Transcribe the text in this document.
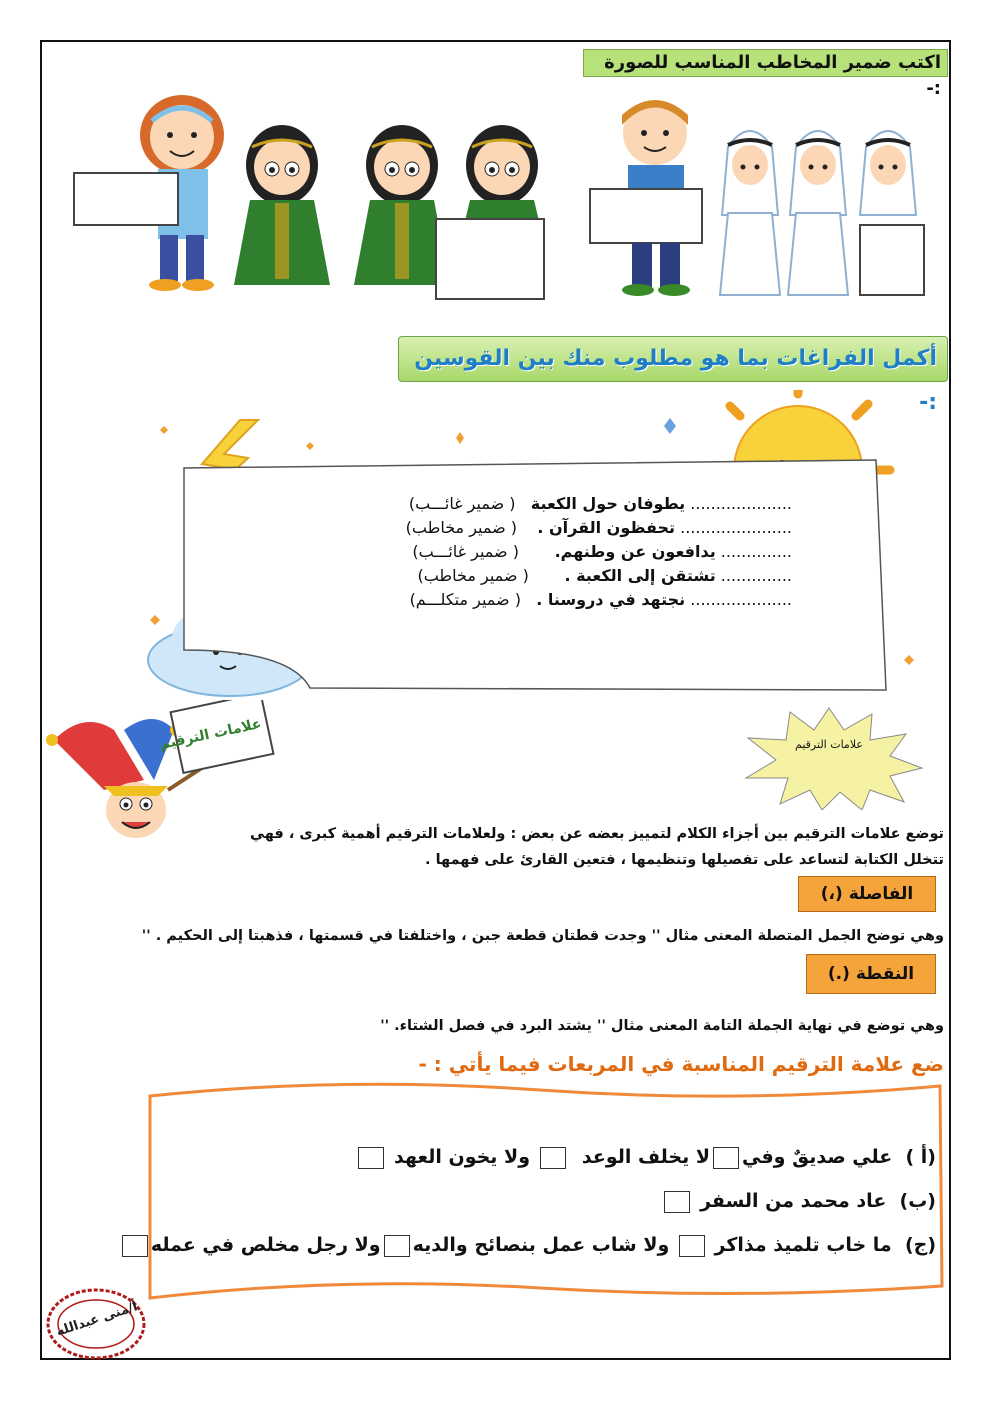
اكتب ضمير المخاطب المناسب للصورة :-
أكمل الفراغات بما هو مطلوب منك بين القوسين :-
.................... يطوفان حول الكعبة   ( ضمير غائـــب)
...................... تحفظون القرآن .    ( ضمير مخاطب)
.............. يدافعون عن وطنهم.       ( ضمير غائـــب)
.............. تشتقن إلى الكعبة .       ( ضمير مخاطب)
.................... نجتهد في دروسنا .   ( ضمير متكلـــم)
علامات الترقيم	علامات الترقيم
توضع علامات الترقيم بين أجزاء الكلام لتمييز بعضه عن بعض : ولعلامات الترقيم أهمية كبرى ، فهي
تتخلل الكتابة لتساعد على تفصيلها وتنظيمها ، فتعين القارئ على فهمها .
الفاصلة (،)
وهي توضح الجمل المتصلة المعنى مثال '' وجدت قطتان قطعة جبن ، واختلفتا في قسمتها ، فذهبتا إلى الحكيم . ''
النقطة (.)
وهي توضع في نهاية الجملة التامة المعنى مثال '' يشتد البرد في فصل الشتاء. ''
ضع علامة الترقيم المناسبة في المربعات فيما يأتي : -
(أ )  علي صديقٌ وفيلا يخلف الوعد   ولا يخون العهد
(ب)  عاد محمد من السفر
(ج)  ما خاب تلميذ مذاكر  ولا شاب عمل بنصائح والديهولا رجل مخلص في عمله
أ/منى عبدالله
